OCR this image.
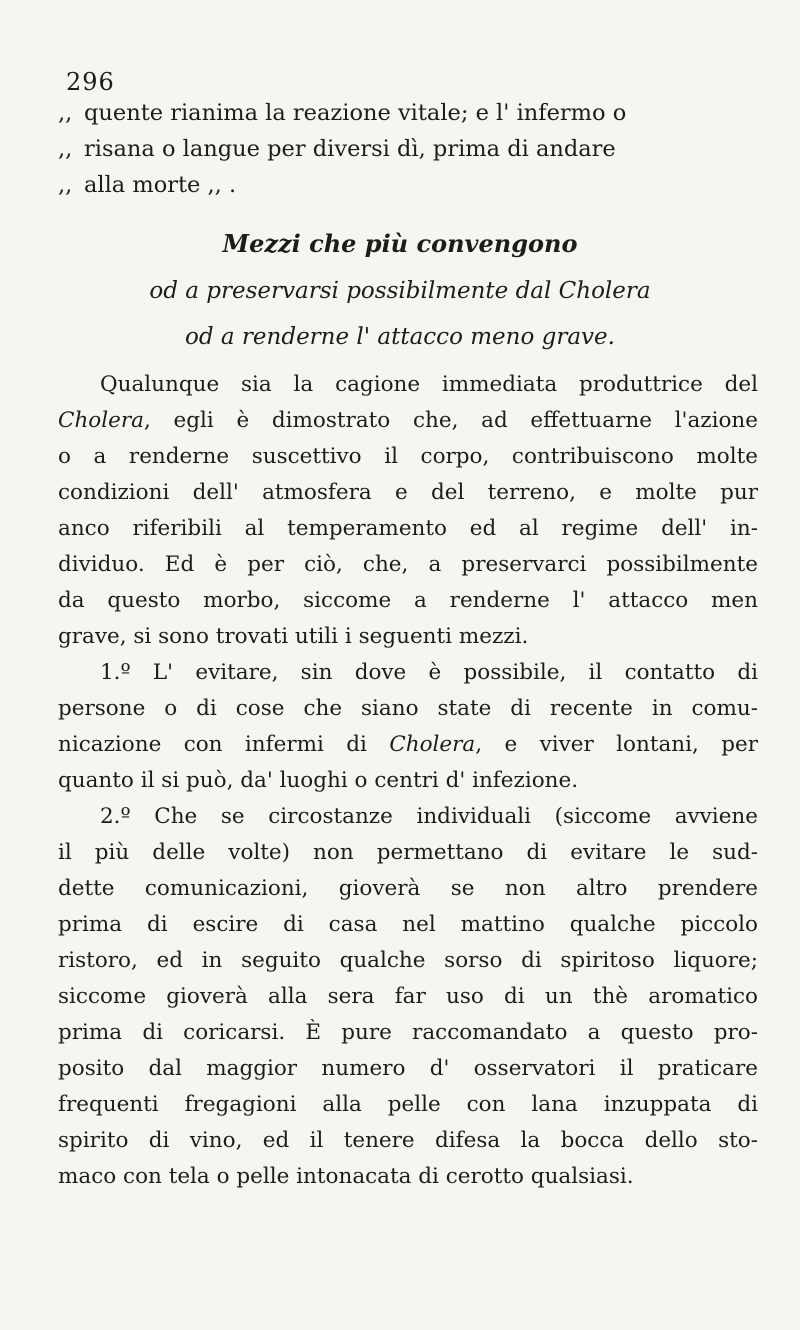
296
,, quente rianima la reazione vitale; e l' infermo o
,, risana o langue per diversi dì, prima di andare
,, alla morte ,, .
Mezzi che più convengono
od a preservarsi possibilmente dal Cholera
od a renderne l' attacco meno grave.
Qualunque sia la cagione immediata produttrice del
Cholera, egli è dimostrato che, ad effettuarne l'azione
o a renderne suscettivo il corpo, contribuiscono molte
condizioni dell' atmosfera e del terreno, e molte pur
anco riferibili al temperamento ed al regime dell' in-
dividuo. Ed è per ciò, che, a preservarci possibilmente
da questo morbo, siccome a renderne l' attacco men
grave, si sono trovati utili i seguenti mezzi.
1.º L' evitare, sin dove è possibile, il contatto di
persone o di cose che siano state di recente in comu-
nicazione con infermi di Cholera, e viver lontani, per
quanto il si può, da' luoghi o centri d' infezione.
2.º Che se circostanze individuali (siccome avviene
il più delle volte) non permettano di evitare le sud-
dette comunicazioni, gioverà se non altro prendere
prima di escire di casa nel mattino qualche piccolo
ristoro, ed in seguito qualche sorso di spiritoso liquore;
siccome gioverà alla sera far uso di un thè aromatico
prima di coricarsi. È pure raccomandato a questo pro-
posito dal maggior numero d' osservatori il praticare
frequenti fregagioni alla pelle con lana inzuppata di
spirito di vino, ed il tenere difesa la bocca dello sto-
maco con tela o pelle intonacata di cerotto qualsiasi.
